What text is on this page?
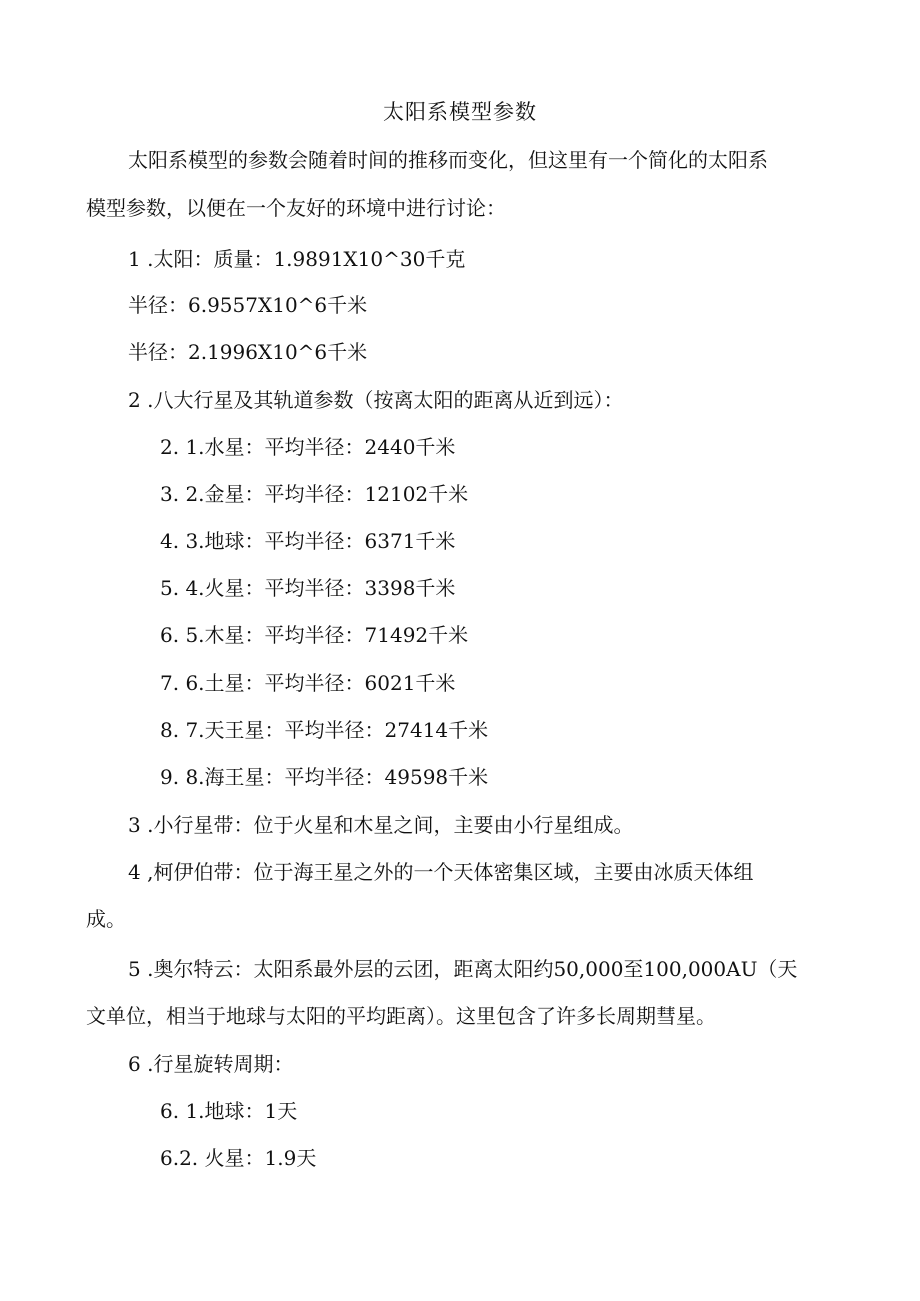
太阳系模型参数
太阳系模型的参数会随着时间的推移而变化，但这里有一个简化的太阳系
模型参数，以便在一个友好的环境中进行讨论：
1 .太阳：质量：1.9891X10^30千克
半径：6.9557X10^6千米
半径：2.1996X10^6千米
2 .八大行星及其轨道参数（按离太阳的距离从近到远）：
2. 1.水星：平均半径：2440千米
3. 2.金星：平均半径：12102千米
4. 3.地球：平均半径：6371千米
5. 4.火星：平均半径：3398千米
6. 5.木星：平均半径：71492千米
7. 6.土星：平均半径：6021千米
8. 7.天王星：平均半径：27414千米
9. 8.海王星：平均半径：49598千米
3 .小行星带：位于火星和木星之间，主要由小行星组成。
4 ,柯伊伯带：位于海王星之外的一个天体密集区域，主要由冰质天体组
成。
5 .奥尔特云：太阳系最外层的云团，距离太阳约50,000至100,000AU（天
文单位，相当于地球与太阳的平均距离）。这里包含了许多长周期彗星。
6 .行星旋转周期：
6. 1.地球：1天
6.2. 火星：1.9天
